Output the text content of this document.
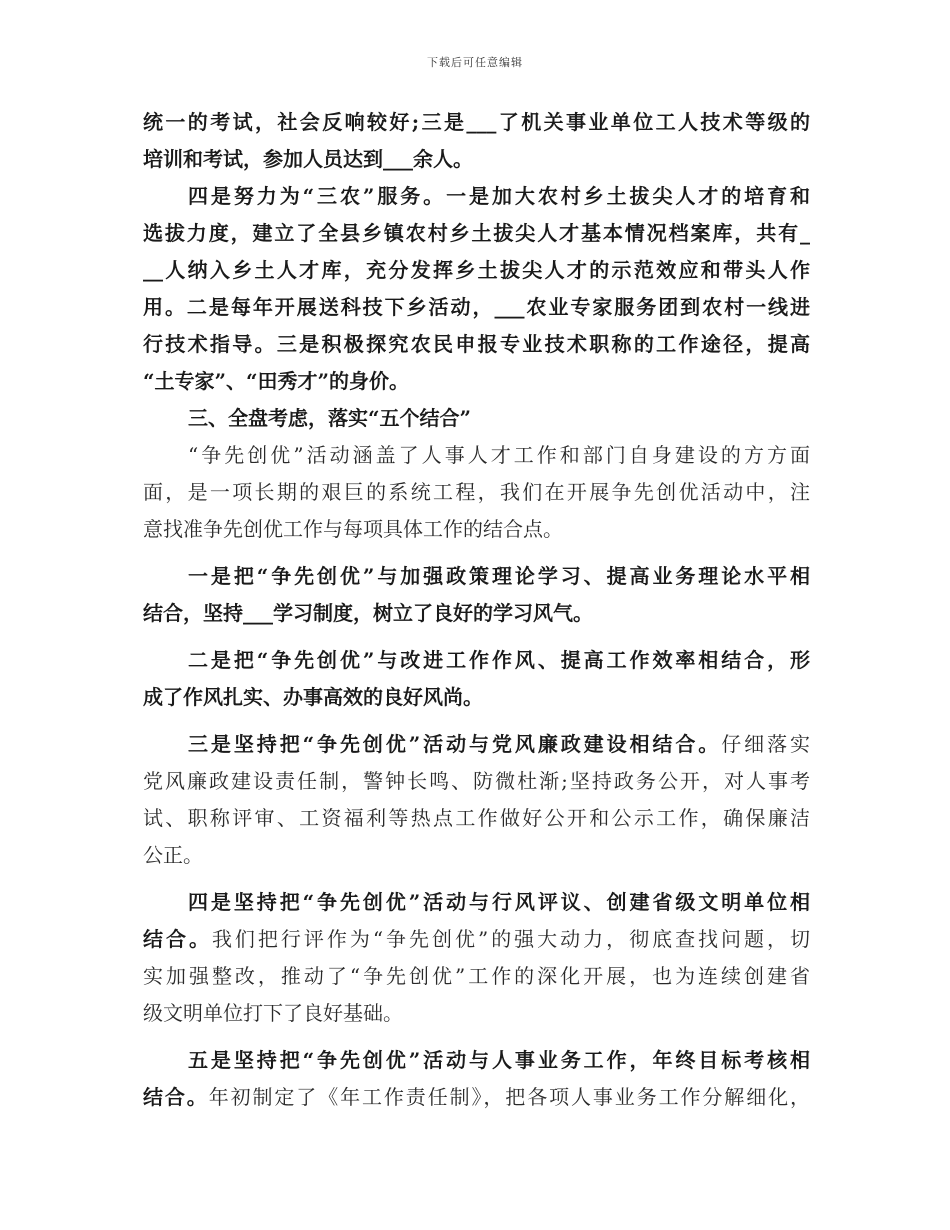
下载后可任意编辑
统一的考试，社会反响较好;三是___了机关事业单位工人技术等级的
培训和考试，参加人员达到___余人。
四是努力为“三农”服务。一是加大农村乡土拔尖人才的培育和
选拔力度，建立了全县乡镇农村乡土拔尖人才基本情况档案库，共有_
__人纳入乡土人才库，充分发挥乡土拔尖人才的示范效应和带头人作
用。二是每年开展送科技下乡活动，___农业专家服务团到农村一线进
行技术指导。三是积极探究农民申报专业技术职称的工作途径，提高
“土专家”、“田秀才”的身价。
三、全盘考虑，落实“五个结合”
“争先创优”活动涵盖了人事人才工作和部门自身建设的方方面
面，是一项长期的艰巨的系统工程，我们在开展争先创优活动中，注
意找准争先创优工作与每项具体工作的结合点。
一是把“争先创优”与加强政策理论学习、提高业务理论水平相
结合，坚持___学习制度，树立了良好的学习风气。
二是把“争先创优”与改进工作作风、提高工作效率相结合，形
成了作风扎实、办事高效的良好风尚。
三是坚持把“争先创优”活动与党风廉政建设相结合。仔细落实
党风廉政建设责任制，警钟长鸣、防微杜渐;坚持政务公开，对人事考
试、职称评审、工资福利等热点工作做好公开和公示工作，确保廉洁
公正。
四是坚持把“争先创优”活动与行风评议、创建省级文明单位相
结合。我们把行评作为“争先创优”的强大动力，彻底查找问题，切
实加强整改，推动了“争先创优”工作的深化开展，也为连续创建省
级文明单位打下了良好基础。
五是坚持把“争先创优”活动与人事业务工作，年终目标考核相
结合。年初制定了《年工作责任制》，把各项人事业务工作分解细化，
